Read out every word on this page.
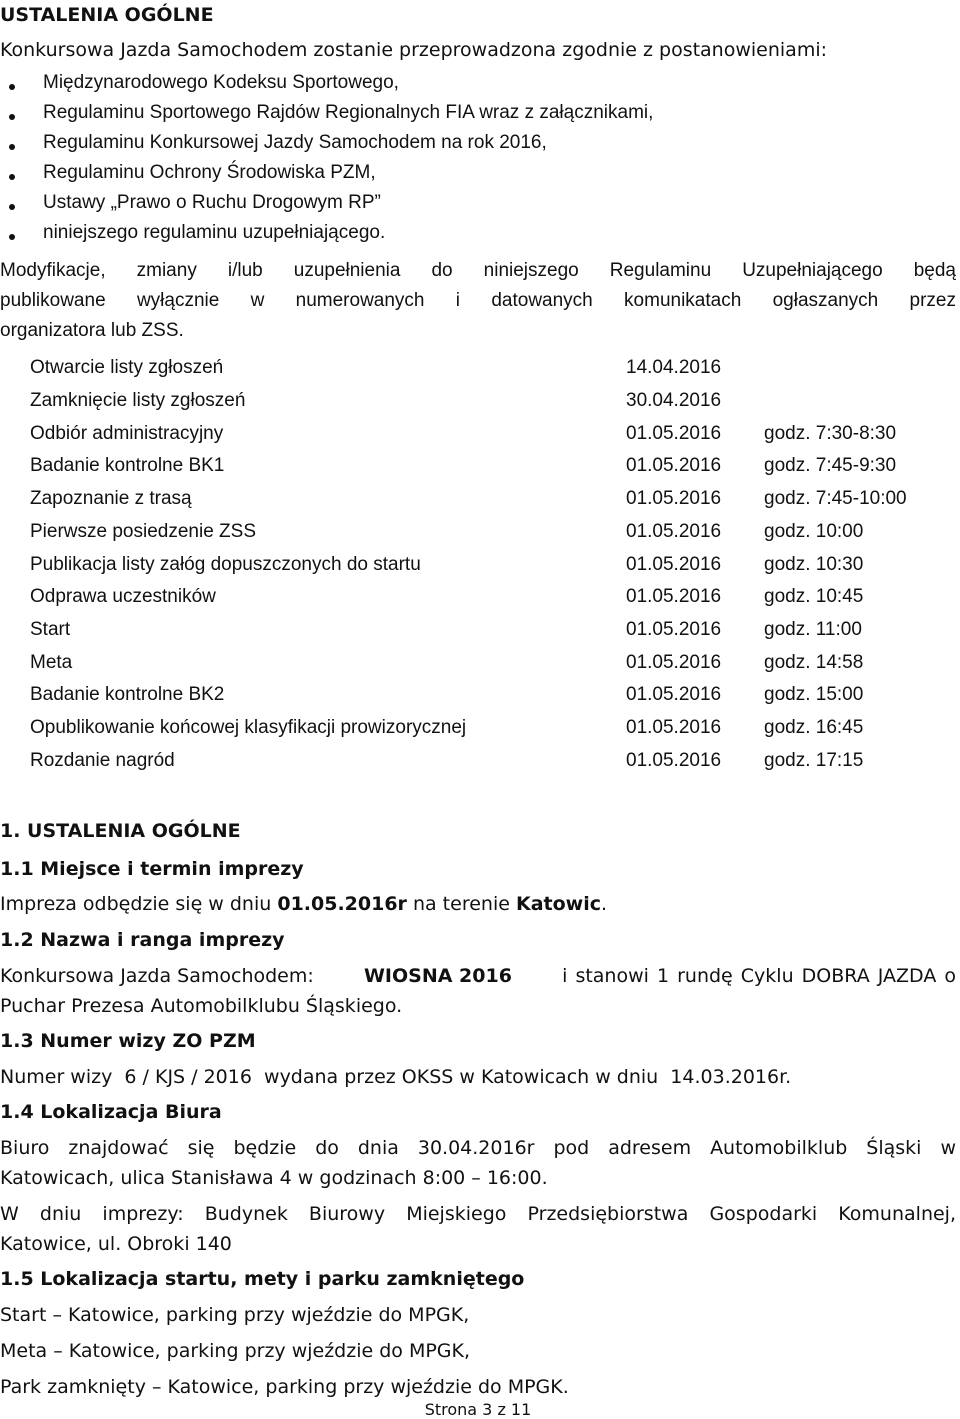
USTALENIA OGÓLNE
Konkursowa Jazda Samochodem zostanie przeprowadzona zgodnie z postanowieniami:
Międzynarodowego Kodeksu Sportowego,
Regulaminu Sportowego Rajdów Regionalnych FIA wraz z załącznikami,
Regulaminu Konkursowej Jazdy Samochodem na rok 2016,
Regulaminu Ochrony Środowiska PZM,
Ustawy „Prawo o Ruchu Drogowym RP”
niniejszego regulaminu uzupełniającego.
Modyfikacje, zmiany i/lub uzupełnienia do niniejszego Regulaminu Uzupełniającego będą
publikowane wyłącznie w numerowanych i datowanych komunikatach ogłaszanych przez
organizatora lub ZSS.
Otwarcie listy zgłoszeń	14.04.2016
Zamknięcie listy zgłoszeń	30.04.2016
Odbiór administracyjny	01.05.2016 godz. 7:30-8:30
Badanie kontrolne BK1	01.05.2016 godz. 7:45-9:30
Zapoznanie z trasą	01.05.2016 godz. 7:45-10:00
Pierwsze posiedzenie ZSS	01.05.2016 godz. 10:00
Publikacja listy załóg dopuszczonych do startu	01.05.2016 godz. 10:30
Odprawa uczestników	01.05.2016 godz. 10:45
Start	01.05.2016 godz. 11:00
Meta	01.05.2016 godz. 14:58
Badanie kontrolne BK2	01.05.2016 godz. 15:00
Opublikowanie końcowej klasyfikacji prowizorycznej	01.05.2016 godz. 16:45
Rozdanie nagród	01.05.2016 godz. 17:15
1. USTALENIA OGÓLNE
1.1 Miejsce i termin imprezy
Impreza odbędzie się w dniu 01.05.2016r na terenie Katowic.
1.2 Nazwa i ranga imprezy
Konkursowa Jazda Samochodem:	WIOSNA 2016	i stanowi 1 rundę Cyklu DOBRA JAZDA o
Puchar Prezesa Automobilklubu Śląskiego.
1.3 Numer wizy ZO PZM
Numer wizy  6 / KJS / 2016  wydana przez OKSS w Katowicach w dniu  14.03.2016r.
1.4 Lokalizacja Biura
Biuro znajdować się będzie do dnia 30.04.2016r pod adresem Automobilklub Śląski w
Katowicach, ulica Stanisława 4 w godzinach 8:00 – 16:00.
W dniu imprezy: Budynek Biurowy Miejskiego Przedsiębiorstwa Gospodarki Komunalnej,
Katowice, ul. Obroki 140
1.5 Lokalizacja startu, mety i parku zamkniętego
Start – Katowice, parking przy wjeździe do MPGK,
Meta – Katowice, parking przy wjeździe do MPGK,
Park zamknięty – Katowice, parking przy wjeździe do MPGK.
Strona 3 z 11
